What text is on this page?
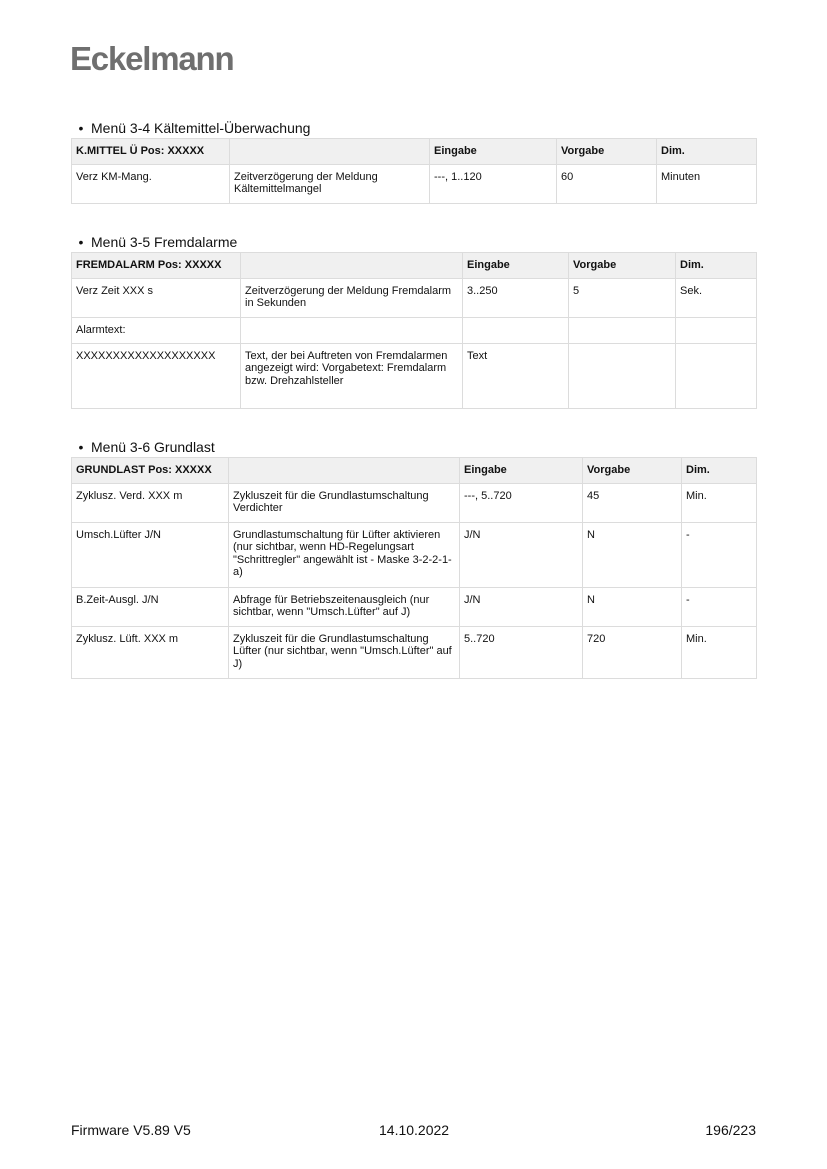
Eckelmann
• Menü 3-4 Kältemittel-Überwachung
K.MITTEL Ü Pos: XXXXX		Eingabe	Vorgabe	Dim.
Verz KM-Mang.	Zeitverzögerung der Meldung Kältemittelmangel	---, 1..120	60	Minuten
• Menü 3-5 Fremdalarme
FREMDALARM Pos: XXXXX		Eingabe	Vorgabe	Dim.
Verz Zeit XXX s	Zeitverzögerung der Meldung Fremdalarm in Sekunden	3..250	5	Sek.
Alarmtext:				
XXXXXXXXXXXXXXXXXXX	Text, der bei Auftreten von Fremdalarmen angezeigt wird: Vorgabetext: Fremdalarm bzw. Drehzahlsteller	Text		
• Menü 3-6 Grundlast
GRUNDLAST Pos: XXXXX		Eingabe	Vorgabe	Dim.
Zyklusz. Verd. XXX m	Zykluszeit für die Grundlastumschaltung Verdichter	---, 5..720	45	Min.
Umsch.Lüfter J/N	Grundlastumschaltung für Lüfter aktivieren (nur sichtbar, wenn HD-Regelungsart "Schrittregler" angewählt ist - Maske 3-2-2-1-a)	J/N	N	-
B.Zeit-Ausgl. J/N	Abfrage für Betriebszeitenausgleich (nur sichtbar, wenn "Umsch.Lüfter" auf J)	J/N	N	-
Zyklusz. Lüft. XXX m	Zykluszeit für die Grundlastumschaltung Lüfter (nur sichtbar, wenn "Umsch.Lüfter" auf J)	5..720	720	Min.
Firmware V5.89 V5	14.10.2022	196/223
